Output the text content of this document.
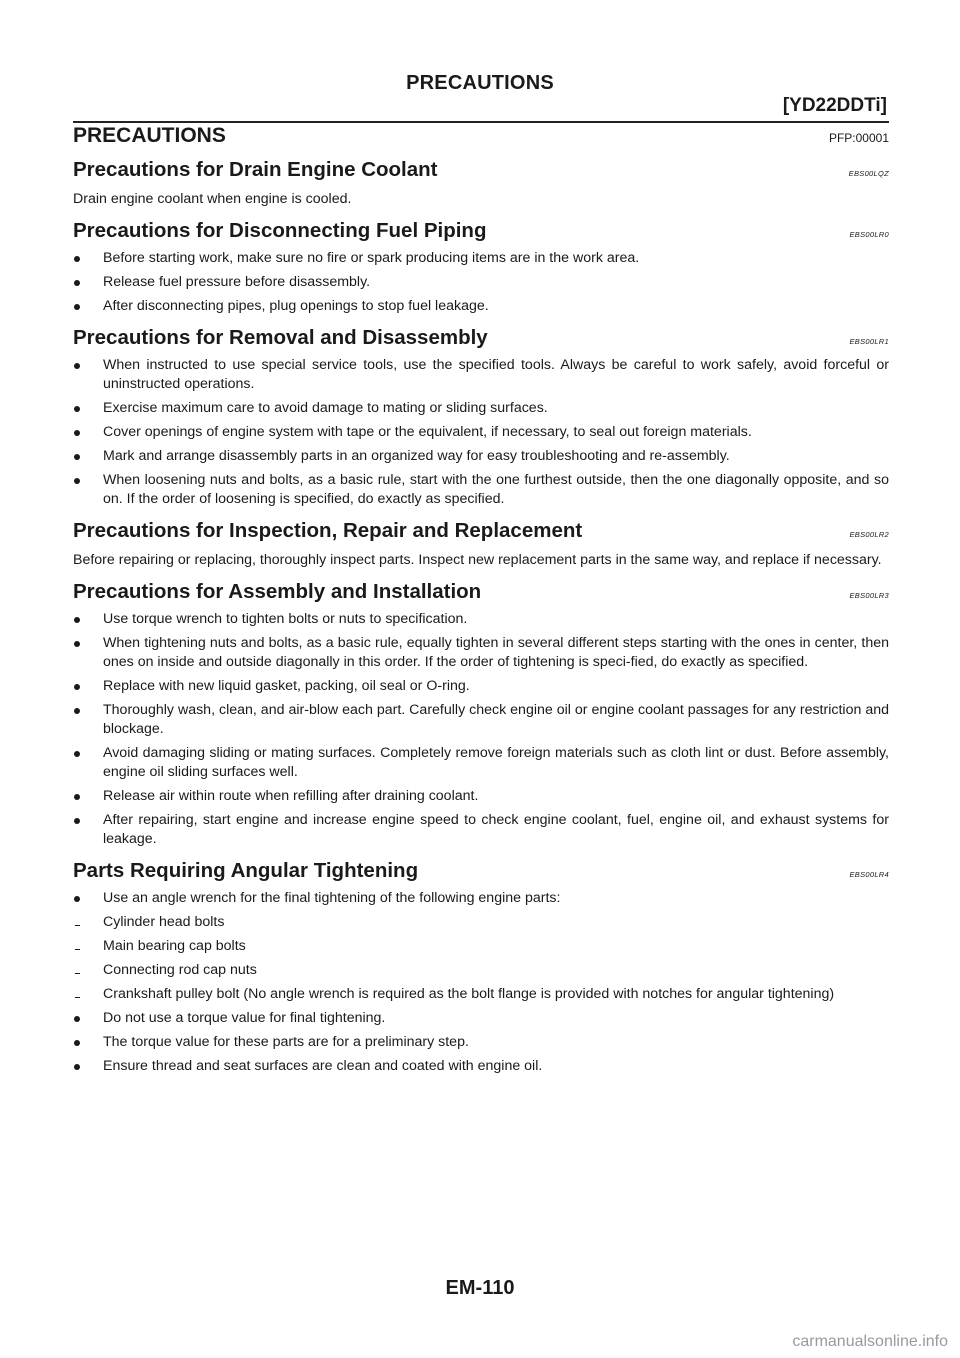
PRECAUTIONS
[YD22DDTi]
PRECAUTIONS	PFP:00001
Precautions for Drain Engine Coolant	EBS00LQZ

Drain engine coolant when engine is cooled.

Precautions for Disconnecting Fuel Piping	EBS00LR0
Before starting work, make sure no fire or spark producing items are in the work area.
Release fuel pressure before disassembly.
After disconnecting pipes, plug openings to stop fuel leakage.
Precautions for Removal and Disassembly	EBS00LR1
When instructed to use special service tools, use the specified tools. Always be careful to work safely, avoid forceful or uninstructed operations.
Exercise maximum care to avoid damage to mating or sliding surfaces.
Cover openings of engine system with tape or the equivalent, if necessary, to seal out foreign materials.
Mark and arrange disassembly parts in an organized way for easy troubleshooting and re-assembly.
When loosening nuts and bolts, as a basic rule, start with the one furthest outside, then the one diagonally opposite, and so on. If the order of loosening is specified, do exactly as specified.
Precautions for Inspection, Repair and Replacement	EBS00LR2

Before repairing or replacing, thoroughly inspect parts. Inspect new replacement parts in the same way, and replace if necessary.

Precautions for Assembly and Installation	EBS00LR3
Use torque wrench to tighten bolts or nuts to specification.
When tightening nuts and bolts, as a basic rule, equally tighten in several different steps starting with the ones in center, then ones on inside and outside diagonally in this order. If the order of tightening is speci-fied, do exactly as specified.
Replace with new liquid gasket, packing, oil seal or O-ring.
Thoroughly wash, clean, and air-blow each part. Carefully check engine oil or engine coolant passages for any restriction and blockage.
Avoid damaging sliding or mating surfaces. Completely remove foreign materials such as cloth lint or dust. Before assembly, engine oil sliding surfaces well.
Release air within route when refilling after draining coolant.
After repairing, start engine and increase engine speed to check engine coolant, fuel, engine oil, and exhaust systems for leakage.
Parts Requiring Angular Tightening	EBS00LR4
Use an angle wrench for the final tightening of the following engine parts:
Cylinder head bolts
Main bearing cap bolts
Connecting rod cap nuts
Crankshaft pulley bolt (No angle wrench is required as the bolt flange is provided with notches for angular tightening)
Do not use a torque value for final tightening.
The torque value for these parts are for a preliminary step.
Ensure thread and seat surfaces are clean and coated with engine oil.
EM-110
carmanualsonline.info
